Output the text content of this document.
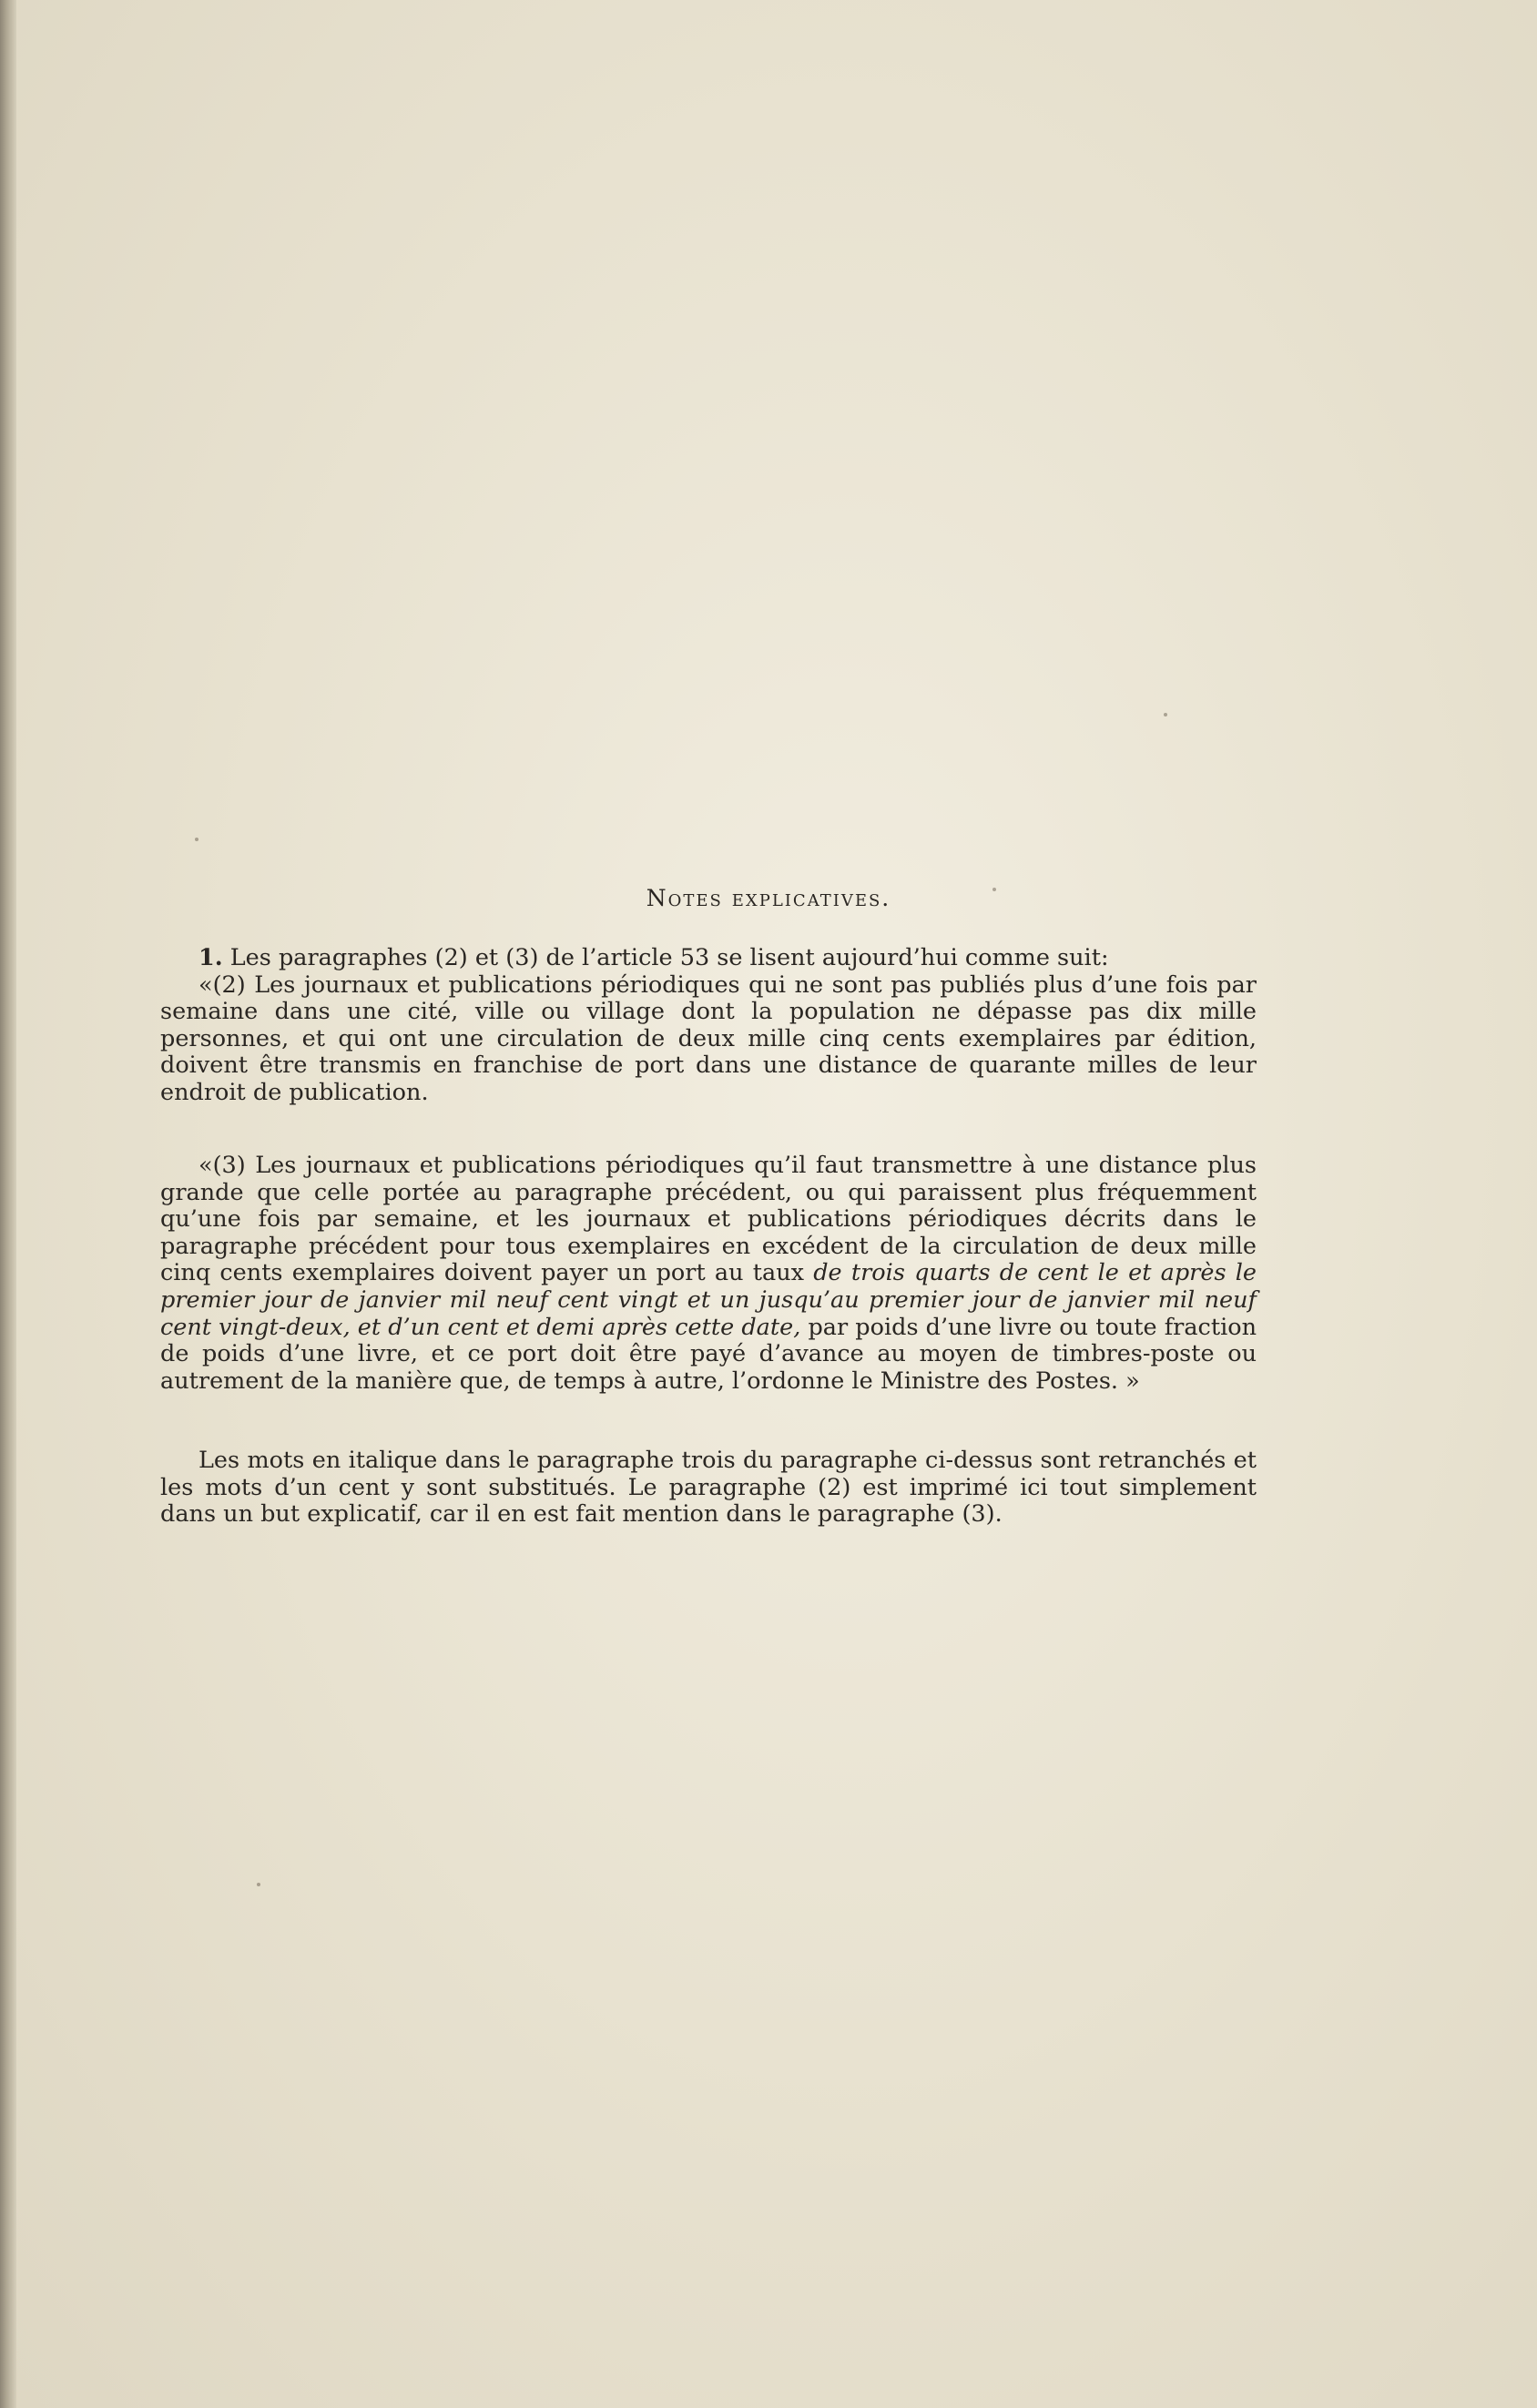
Notes explicatives.

1. Les paragraphes (2) et (3) de l’article 53 se lisent aujourd’hui comme suit:

«(2) Les journaux et publications périodiques qui ne sont pas publiés plus d’une fois par semaine dans une cité, ville ou village dont la population ne dépasse pas dix mille personnes, et qui ont une circulation de deux mille cinq cents exemplaires par édition, doivent être transmis en franchise de port dans une distance de quarante milles de leur endroit de publication.

«(3) Les journaux et publications périodiques qu’il faut transmettre à une distance plus grande que celle portée au paragraphe précédent, ou qui paraissent plus fréquemment qu’une fois par semaine, et les journaux et publications périodiques décrits dans le paragraphe précédent pour tous exemplaires en excédent de la circulation de deux mille cinq cents exemplaires doivent payer un port au taux de trois quarts de cent le et après le premier jour de janvier mil neuf cent vingt et un jusqu’au premier jour de janvier mil neuf cent vingt-deux, et d’un cent et demi après cette date, par poids d’une livre ou toute fraction de poids d’une livre, et ce port doit être payé d’avance au moyen de timbres-poste ou autrement de la manière que, de temps à autre, l’ordonne le Ministre des Postes. »

Les mots en italique dans le paragraphe trois du paragraphe ci-dessus sont retranchés et les mots d’un cent y sont substitués. Le paragraphe (2) est imprimé ici tout simplement dans un but explicatif, car il en est fait mention dans le paragraphe (3).
